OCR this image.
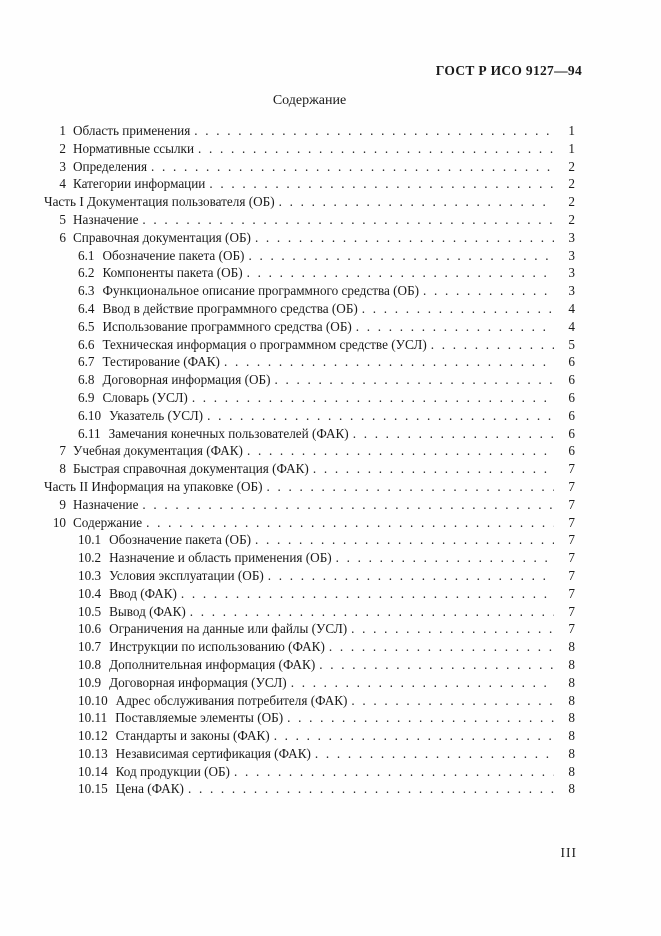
ГОСТ Р ИСО 9127—94
Содержание
1 Область применения . . .	1
2 Нормативные ссылки . . .	1
3 Определения . . .	2
4 Категории информации . . .	2
Часть I Документация пользователя (ОБ) . . .	2
5 Назначение . . .	2
6 Справочная документация (ОБ) . . .	3
6.1 Обозначение пакета (ОБ) . . .	3
6.2 Компоненты пакета (ОБ) . . .	3
6.3 Функциональное описание программного средства (ОБ) . . .	3
6.4 Ввод в действие программного средства (ОБ) . . .	4
6.5 Использование программного средства (ОБ) . . .	4
6.6 Техническая информация о программном средстве (УСЛ) . . .	5
6.7 Тестирование (ФАК) . . .	6
6.8 Договорная информация (ОБ) . . .	6
6.9 Словарь (УСЛ) . . .	6
6.10 Указатель (УСЛ) . . .	6
6.11 Замечания конечных пользователей (ФАК) . . .	6
7 Учебная документация (ФАК) . . .	6
8 Быстрая справочная документация (ФАК) . . .	7
Часть II Информация на упаковке (ОБ) . . .	7
9 Назначение . . .	7
10 Содержание . . .	7
10.1 Обозначение пакета (ОБ) . . .	7
10.2 Назначение и область применения (ОБ) . . .	7
10.3 Условия эксплуатации (ОБ) . . .	7
10.4 Ввод (ФАК) . . .	7
10.5 Вывод (ФАК) . . .	7
10.6 Ограничения на данные или файлы (УСЛ) . . .	7
10.7 Инструкции по использованию (ФАК) . . .	8
10.8 Дополнительная информация (ФАК) . . .	8
10.9 Договорная информация (УСЛ) . . .	8
10.10 Адрес обслуживания потребителя (ФАК) . . .	8
10.11 Поставляемые элементы (ОБ) . . .	8
10.12 Стандарты и законы (ФАК) . . .	8
10.13 Независимая сертификация (ФАК) . . .	8
10.14 Код продукции (ОБ) . . .	8
10.15 Цена (ФАК) . . .	8
III
